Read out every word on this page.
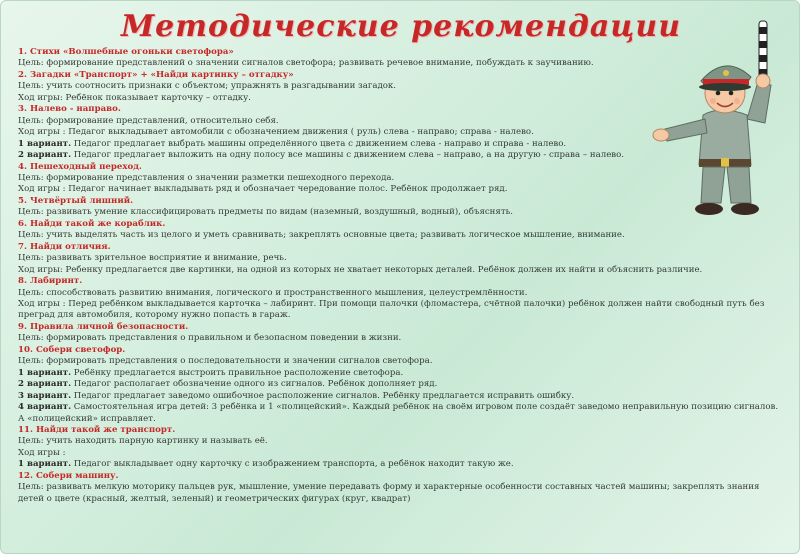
Методические рекомендации
1. Стихи «Волшебные огоньки светофора»
Цель: формирование представлений о значении сигналов светофора; развивать речевое внимание, побуждать к заучиванию.
2. Загадки «Транспорт» + «Найди картинку – отгадку»
Цель: учить соотносить признаки с объектом; упражнять в разгадывании загадок.
Ход игры: Ребёнок показывает карточку – отгадку.
3. Налево - направо.
Цель: формирование представлений, относительно себя.
Ход игры : Педагог выкладывает автомобили с обозначением движения ( руль) слева - направо; справа - налево.
1 вариант. Педагог предлагает выбрать машины определённого цвета с движением слева - направо и справа - налево.
2 вариант. Педагог предлагает выложить на одну полосу все машины с движением слева – направо, а на другую - справа – налево.
4. Пешеходный переход.
Цель: формирование представления о значении разметки пешеходного перехода.
Ход игры : Педагог начинает выкладывать ряд и обозначает чередование полос. Ребёнок продолжает ряд.
5. Четвёртый лишний.
Цель: развивать умение классифицировать предметы по видам (наземный, воздушный, водный), объяснять.
6. Найди такой же кораблик.
Цель: учить выделять часть из целого и уметь сравнивать; закреплять основные цвета; развивать логическое мышление, внимание.
7. Найди отличия.
Цель: развивать зрительное восприятие и внимание, речь.
Ход игры: Ребенку предлагается две картинки, на одной из которых не хватает некоторых деталей. Ребёнок должен их найти и объяснить различие.
8. Лабиринт.
Цель: способствовать развитию внимания, логического и пространственного мышления, целеустремлённости.
Ход игры : Перед ребёнком выкладывается карточка – лабиринт. При помощи палочки (фломастера, счётной палочки) ребёнок должен найти свободный путь без преград для автомобиля, которому нужно попасть в гараж.
9. Правила личной безопасности.
Цель: формировать представления о правильном и безопасном поведении в жизни.
10. Собери светофор.
Цель: формировать представления о последовательности и значении сигналов светофора.
1 вариант. Ребёнку предлагается выстроить правильное расположение светофора.
2 вариант. Педагог располагает обозначение одного из сигналов. Ребёнок дополняет ряд.
3 вариант. Педагог предлагает заведомо ошибочное расположение сигналов. Ребёнку предлагается исправить ошибку.
4 вариант. Самостоятельная игра детей: 3 ребёнка и 1 «полицейский». Каждый ребёнок на своём игровом поле создаёт заведомо неправильную позицию сигналов.
А «полицейский» исправляет.
11. Найди такой же транспорт.
Цель: учить находить парную картинку и называть её.
Ход игры :
1 вариант. Педагог выкладывает одну карточку с изображением транспорта, а ребёнок находит такую же.
12. Собери машину.
Цель: развивать мелкую моторику пальцев рук, мышление, умение передавать форму и характерные особенности составных частей машины; закреплять знания детей о цвете (красный, желтый, зеленый) и геометрических фигурах (круг, квадрат)
